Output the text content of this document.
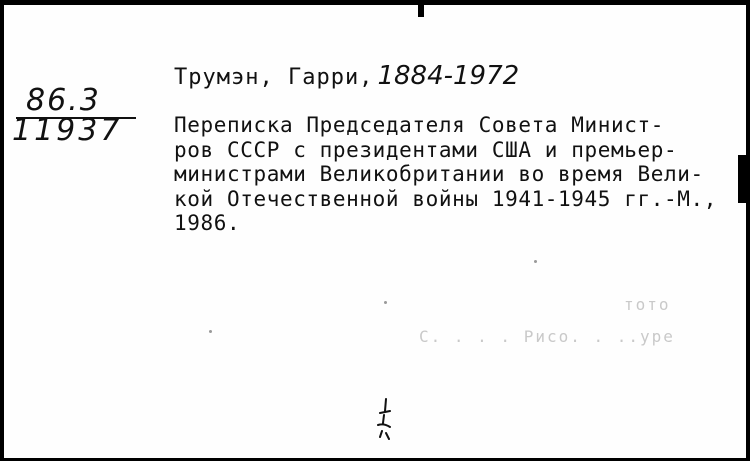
86.3
11937
Трумэн, Гарри, 1884-1972
Переписка Председателя Совета Минист-
ров СССР с президентами США и премьер-
министрами Великобритании во время Вели-
кой Отечественной войны 1941-1945 гг.-М.,
1986.
тото
С. . . . Рисо. . ..уре
